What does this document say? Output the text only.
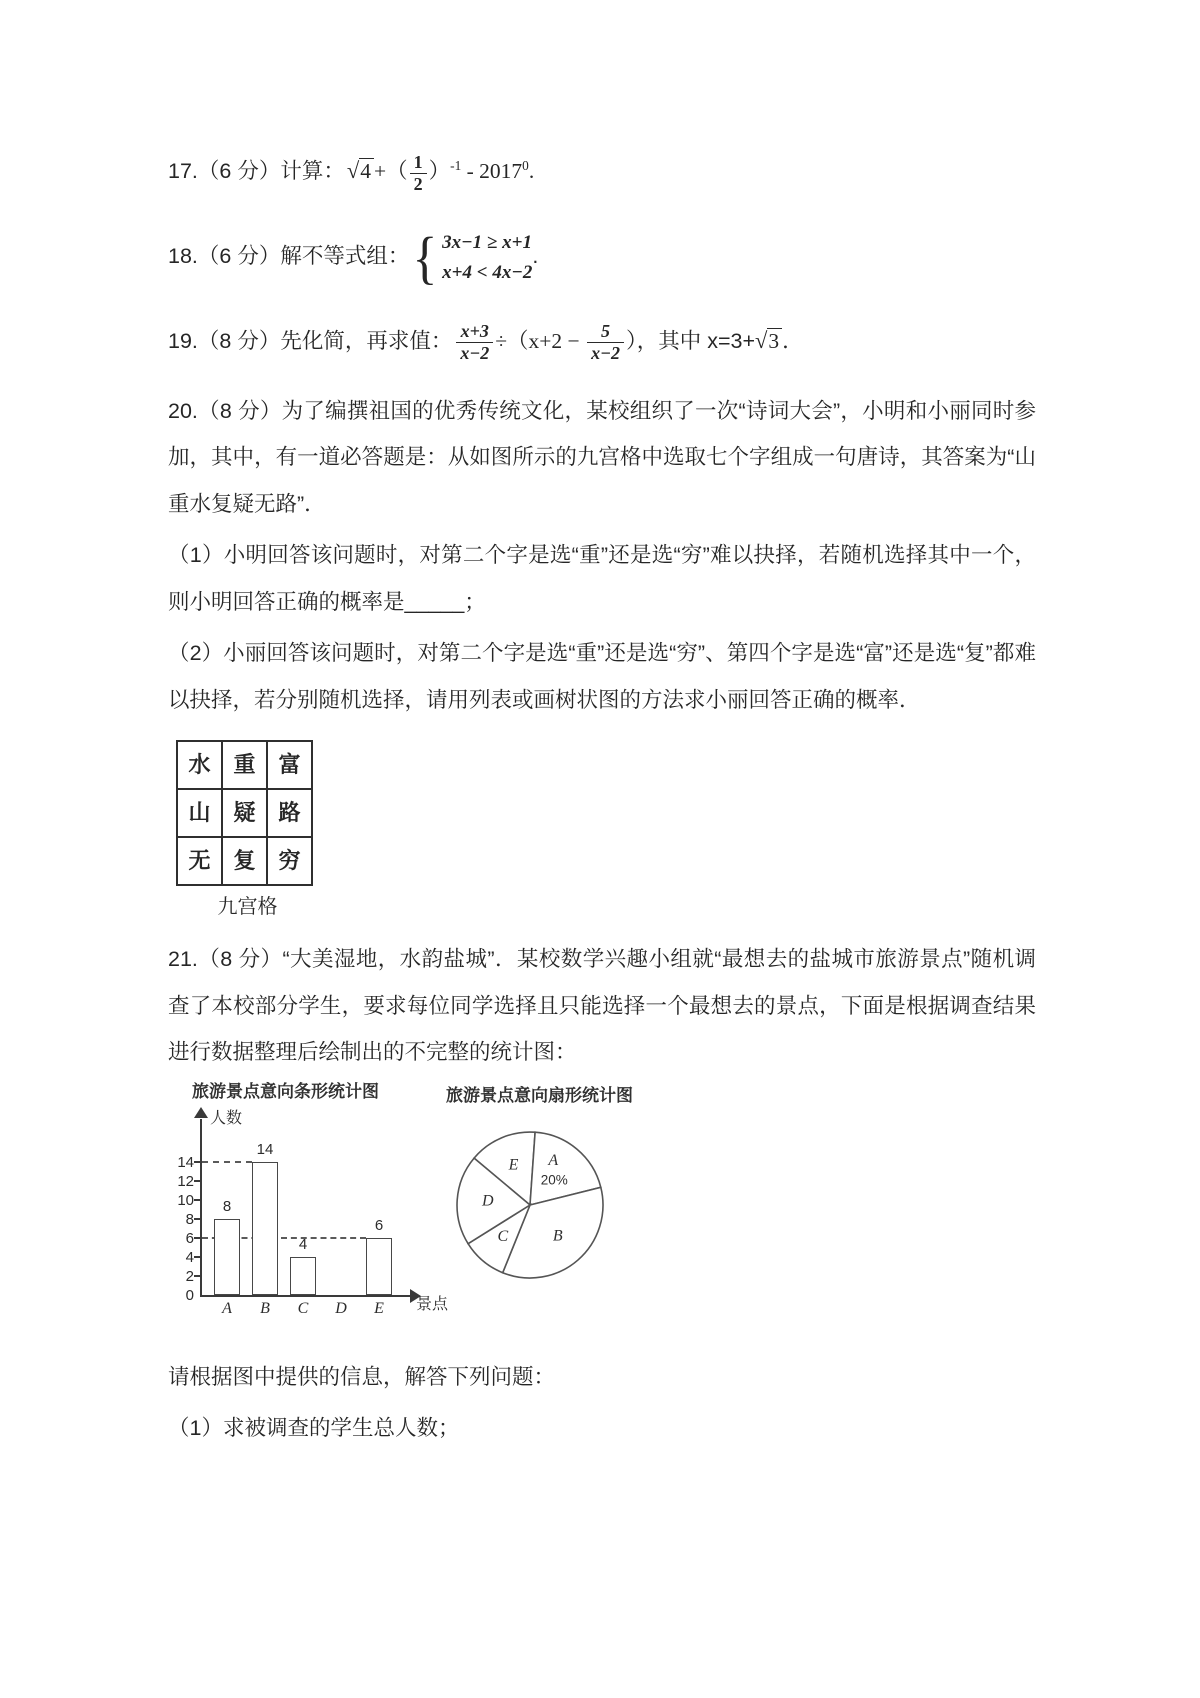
17.（6 分）计算：√4 +（ $\frac{1}{2} )^{-1} - 2017^0$.
18.（6 分）解不等式组： { 3x−1 ≥ x+1
x+4 < 4x−2
.
19.（8 分）先化简，再求值： $\frac{x+3}{x-2} \div(x+2 - \frac{5}{x-2}$ ），其中 x=3+√3 ．
20.（8 分）为了编撰祖国的优秀传统文化，某校组织了一次“诗词大会”，小明和小丽同时参加，其中，有一道必答题是：从如图所示的九宫格中选取七个字组成一句唐诗，其答案为“山重水复疑无路”．
（1）小明回答该问题时，对第二个字是选“重”还是选“穷”难以抉择，若随机选择其中一个，则小明回答正确的概率是_____；
（2）小丽回答该问题时，对第二个字是选“重”还是选“穷”、第四个字是选“富”还是选“复”都难以抉择，若分别随机选择，请用列表或画树状图的方法求小丽回答正确的概率．
水	重	富
山	疑	路
无	复	穷
九宫格
21.（8 分）“大美湿地，水韵盐城”．某校数学兴趣小组就“最想去的盐城市旅游景点”随机调查了本校部分学生，要求每位同学选择且只能选择一个最想去的景点，下面是根据调查结果进行数据整理后绘制出的不完整的统计图：
旅游景点意向条形统计图
人数
景点
0
2
4
6
8
10
12
14
A
8
B
14
C
4
D	E
6
旅游景点意向扇形统计图
E A
20%
B
C
D
请根据图中提供的信息，解答下列问题：
（1）求被调查的学生总人数；
